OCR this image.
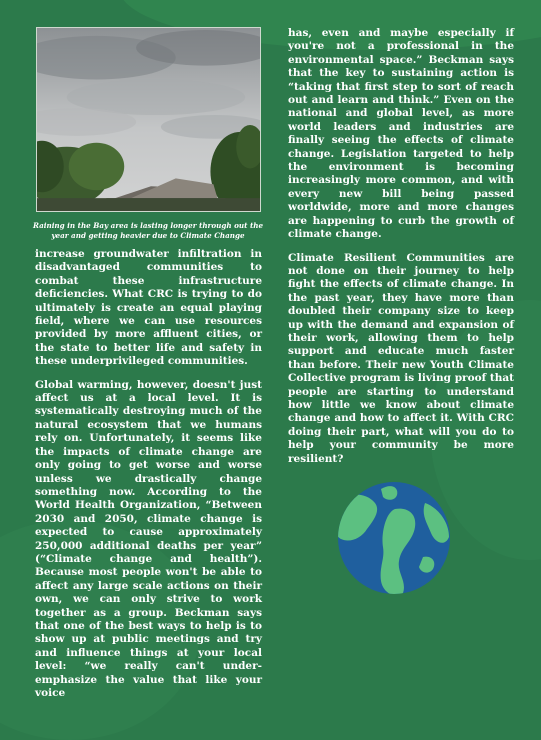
Raining in the Bay area is lasting longer through out the
year and getting heavier due to Climate Change

increase groundwater infiltration in disadvantaged communities to combat these infrastructure deficiencies. What CRC is trying to do ultimately is create an equal playing field, where we can use resources provided by more affluent cities, or the state to better life and safety in these underprivileged communities.

Global warming, however, doesn't just affect us at a local level. It is systematically destroying much of the natural ecosystem that we humans rely on. Unfortunately, it seems like the impacts of climate change are only going to get worse and worse unless we drastically change something now. According to the World Health Organization, “Between 2030 and 2050, climate change is expected to cause approximately 250,000 additional deaths per year” (“Climate change and health”). Because most people won't be able to affect any large scale actions on their own, we can only strive to work together as a group. Beckman says that one of the best ways to help is to show up at public meetings and try and influence things at your local level: “we really can't under-emphasize the value that like your voice

has, even and maybe especially if you're not a professional in the environmental space.” Beckman says that the key to sustaining action is “taking that first step to sort of reach out and learn and think.” Even on the national and global level, as more world leaders and industries are finally seeing the effects of climate change. Legislation targeted to help the environment is becoming increasingly more common, and with every new bill being passed worldwide, more and more changes are happening to curb the growth of climate change.

Climate Resilient Communities are not done on their journey to help fight the effects of climate change. In the past year, they have more than doubled their company size to keep up with the demand and expansion of their work, allowing them to help support and educate much faster than before. Their new Youth Climate Collective program is living proof that people are starting to understand how little we know about climate change and how to affect it. With CRC doing their part, what will you do to help your community be more resilient?
